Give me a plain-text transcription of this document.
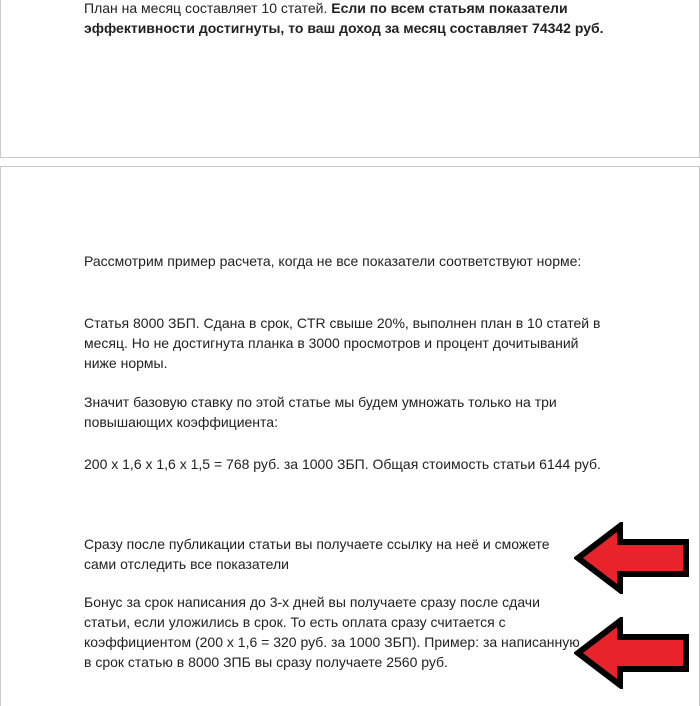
План на месяц составляет 10 статей. Если по всем статьям показатели эффективности достигнуты, то ваш доход за месяц составляет 74342 руб.

Рассмотрим пример расчета, когда не все показатели соответствуют норме:

Статья 8000 ЗБП. Сдана в срок, CTR свыше 20%, выполнен план в 10 статей в месяц. Но не достигнута планка в 3000 просмотров и процент дочитываний ниже нормы.

Значит базовую ставку по этой статье мы будем умножать только на три повышающих коэффициента:

200 х 1,6 х 1,6 х 1,5 = 768 руб. за 1000 ЗБП. Общая стоимость статьи 6144 руб.

Сразу после публикации статьи вы получаете ссылку на неё и сможете сами отследить все показатели

Бонус за срок написания до 3-х дней вы получаете сразу после сдачи статьи, если уложились в срок. То есть оплата сразу считается с коэффициентом (200 х 1,6 = 320 руб. за 1000 ЗБП). Пример: за написанную в срок статью в 8000 ЗПБ вы сразу получаете 2560 руб.
